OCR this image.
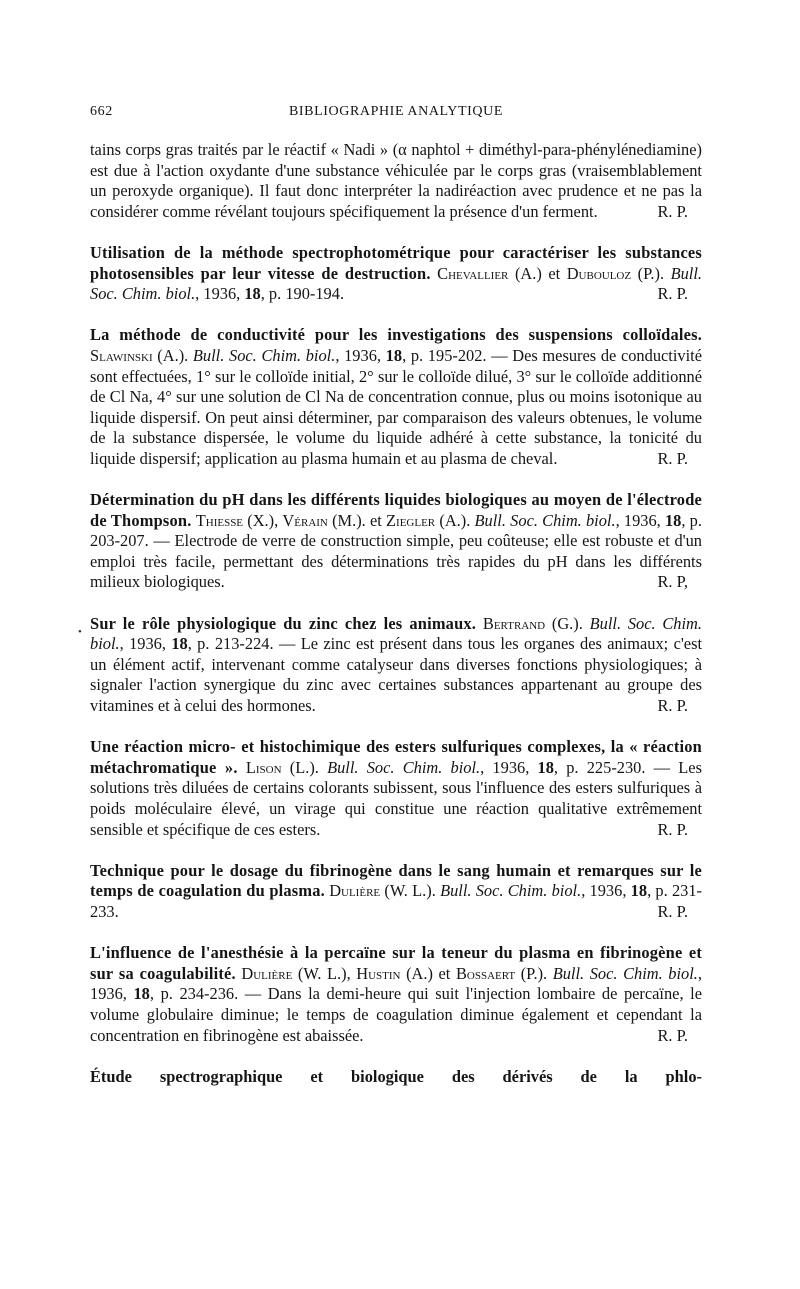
662	BIBLIOGRAPHIE ANALYTIQUE
•

tains corps gras traités par le réactif « Nadi » (α naphtol + diméthyl-para-phénylénediamine) est due à l'action oxydante d'une substance véhiculée par le corps gras (vraisemblablement un peroxyde organique). Il faut donc interpréter la nadiréaction avec prudence et ne pas la considérer comme révélant toujours spécifiquement la présence d'un ferment.	R. P.

Utilisation de la méthode spectrophotométrique pour caractériser les substances photosensibles par leur vitesse de destruction. Chevallier (A.) et Dubouloz (P.). Bull. Soc. Chim. biol., 1936, 18, p. 190-194.	R. P.

La méthode de conductivité pour les investigations des suspensions colloïdales. Slawinski (A.). Bull. Soc. Chim. biol., 1936, 18, p. 195-202. — Des mesures de conductivité sont effectuées, 1° sur le colloïde initial, 2° sur le colloïde dilué, 3° sur le colloïde additionné de Cl Na, 4° sur une solution de Cl Na de concentration connue, plus ou moins isotonique au liquide dispersif. On peut ainsi déterminer, par comparaison des valeurs obtenues, le volume de la substance dispersée, le volume du liquide adhéré à cette substance, la tonicité du liquide dispersif; application au plasma humain et au plasma de cheval.	R. P.

Détermination du pH dans les différents liquides biologiques au moyen de l'électrode de Thompson. Thiesse (X.), Vérain (M.). et Ziegler (A.). Bull. Soc. Chim. biol., 1936, 18, p. 203-207. — Electrode de verre de construction simple, peu coûteuse; elle est robuste et d'un emploi très facile, permettant des déterminations très rapides du pH dans les différents milieux biologiques.	R. P,

Sur le rôle physiologique du zinc chez les animaux. Bertrand (G.). Bull. Soc. Chim. biol., 1936, 18, p. 213-224. — Le zinc est présent dans tous les organes des animaux; c'est un élément actif, intervenant comme catalyseur dans diverses fonctions physiologiques; à signaler l'action synergique du zinc avec certaines substances appartenant au groupe des vitamines et à celui des hormones.	R. P.

Une réaction micro- et histochimique des esters sulfuriques complexes, la « réaction métachromatique ». Lison (L.). Bull. Soc. Chim. biol., 1936, 18, p. 225-230. — Les solutions très diluées de certains colorants subissent, sous l'influence des esters sulfuriques à poids moléculaire élevé, un virage qui constitue une réaction qualitative extrêmement sensible et spécifique de ces esters.	R. P.

Technique pour le dosage du fibrinogène dans le sang humain et remarques sur le temps de coagulation du plasma. Dulière (W. L.). Bull. Soc. Chim. biol., 1936, 18, p. 231-233.	R. P.

L'influence de l'anesthésie à la percaïne sur la teneur du plasma en fibrinogène et sur sa coagulabilité. Dulière (W. L.), Hustin (A.) et Bossaert (P.). Bull. Soc. Chim. biol., 1936, 18, p. 234-236. — Dans la demi-heure qui suit l'injection lombaire de percaïne, le volume globulaire diminue; le temps de coagulation diminue également et cependant la concentration en fibrinogène est abaissée.	R. P.

Étude spectrographique et biologique des dérivés de la phlo-
